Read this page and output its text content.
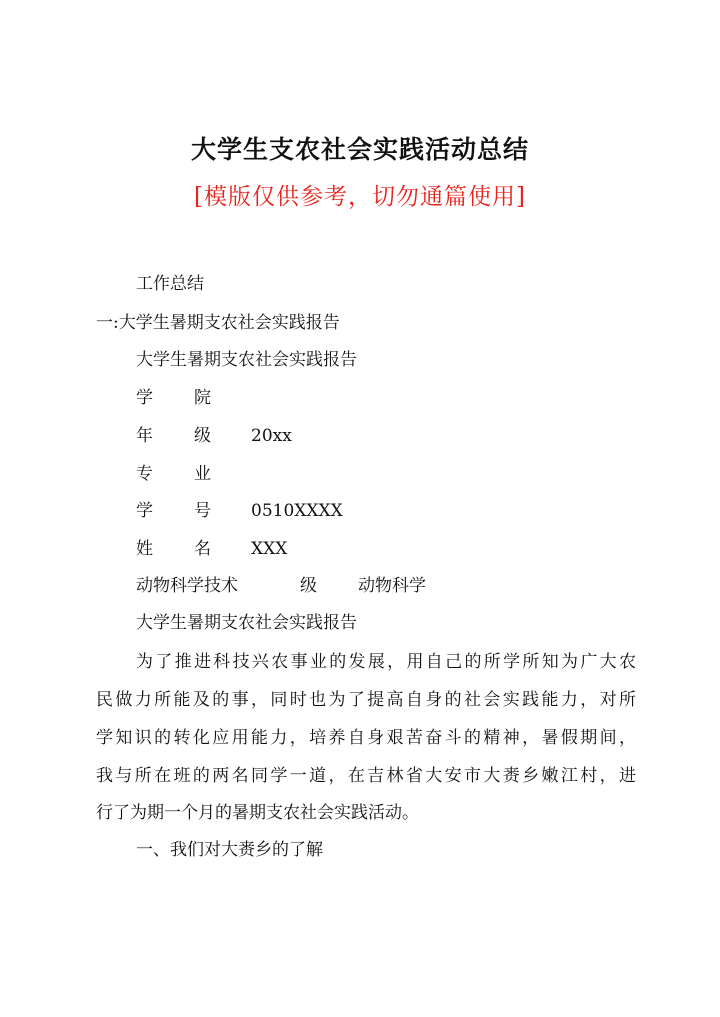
大学生支农社会实践活动总结
[模版仅供参考，切勿通篇使用]
工作总结
一:大学生暑期支农社会实践报告
大学生暑期支农社会实践报告
学 院
年 级 20xx
专 业
学 号 0510XXXX
姓 名 XXX
动物科学技术	级 动物科学
大学生暑期支农社会实践报告
为了推进科技兴农事业的发展，用自己的所学所知为广大农
民做力所能及的事，同时也为了提高自身的社会实践能力，对所
学知识的转化应用能力，培养自身艰苦奋斗的精神，暑假期间，
我与所在班的两名同学一道，在吉林省大安市大赉乡嫩江村，进
行了为期一个月的暑期支农社会实践活动。
一、我们对大赉乡的了解
